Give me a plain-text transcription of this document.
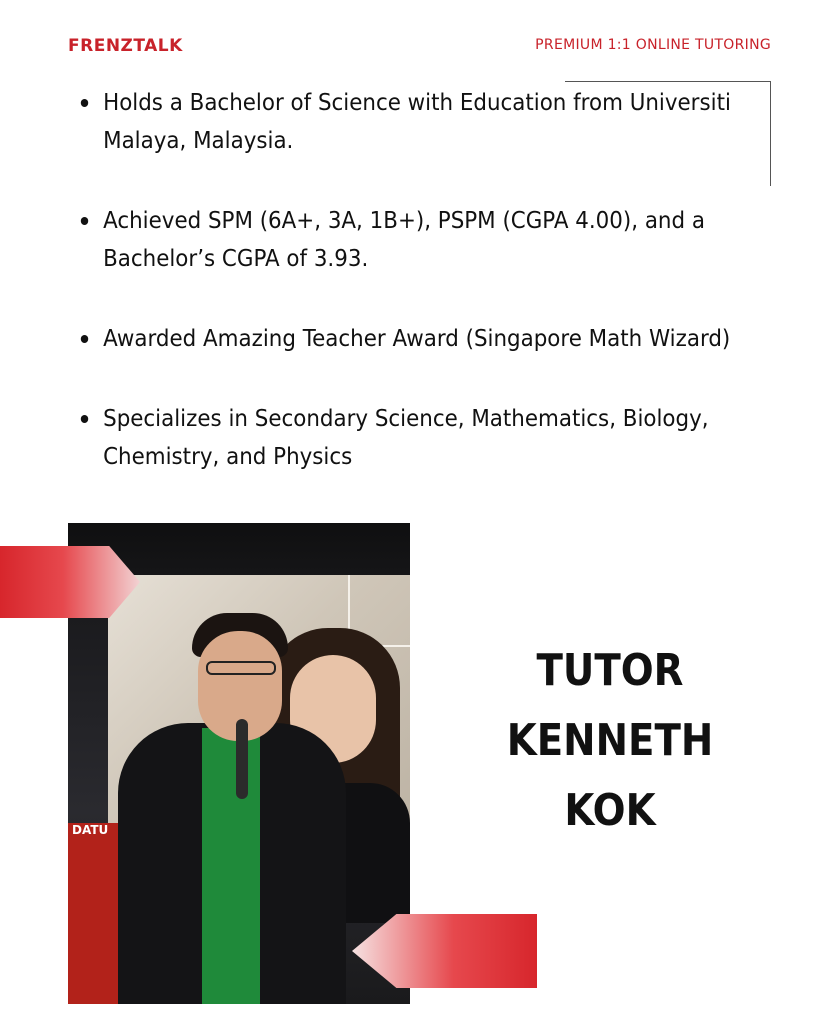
FRENZTALK	PREMIUM 1:1 ONLINE TUTORING
Holds a Bachelor of Science with Education from Universiti Malaya, Malaysia.
Achieved SPM (6A+, 3A, 1B+), PSPM (CGPA 4.00), and a Bachelor’s CGPA of 3.93.
Awarded Amazing Teacher Award (Singapore Math Wizard)
Specializes in Secondary Science, Mathematics, Biology, Chemistry, and Physics
DATU
TUTOR
KENNETH
KOK
